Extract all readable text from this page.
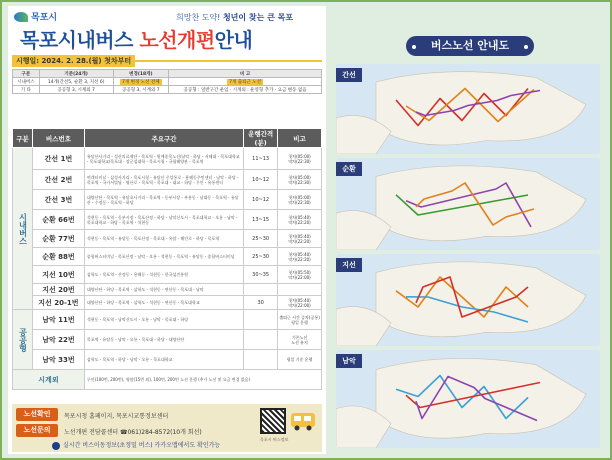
목포시	희망찬 도약! 청년이 찾는 큰 목포
목포시내버스 노선개편안내
시행일: 2024. 2. 28.(월) 첫차부터
구분	기준(24개)	변경(18개)	비 고
시내버스	14개(간선5, 순환 3, 지선 6)	7개 변경 노선 전체	7개 출퇴근 노선
기 타	공공형 3, 시계외 7	공공형 3, 시계외 7	공공형 : 일반구간 운임 · 시계외 : 운영형 추가 · 요금 변동 없음
구분	버스번호	주요구간	운행간격(분)	비고
시내버스	간선 1번	유달산사거리 - 성산의료재단 - 목포역 - 원예종목노선/남악 - 하당 - 서해대 - 목포대학교 - 목포대학교/목포대 - 장군섬대학 - 목포시청 - 국립해양관 - 목포역	11~13	첫차(05:00)
막차(22:30)
	간선 2번	여객터미널 - 삼성사거리 - 목포시청 - 유달산 중앙통로 - 용해동주민센터 - 남악 - 하당 - 목포역 - 국가서빌딩 - 영산로 - 목포역 - 목포대 - 대교 - 하당 - 무안 - 유통센터	10~12	첫차(05:00)
막차(22:30)
	간선 3번	대양산단 - 목포역 - 유달초사거리 - 목포역 - 동부시장 - 부흥동 - 남대동 - 목포역 - 유달산 - 수정동 - 목포역 - 하당	10~12	첫차(05:00)
막차(22:30)
	순환 66번	석현동 - 목포역 - 동부시장 - 목포산정 - 하당 - 남악신도시 - 목포대학교 - 오룡 - 남악 - 목포대학교 - 하당 - 목포역 - 석현동	13~15	첫차(05:40)
막차(22:20)
	순환 77번	석현동 - 목포역 - 유달동 - 목포산정 - 목포대 - 옥암 - 해안로 - 하당 - 목포역	25~30	첫차(05:40)
막차(22:20)
	순환 88번	종합버스터미널 - 목포산정 - 남악 - 오룡 - 석현동 - 목포역 - 유달동 - 종합버스터미널	25~30	첫차(05:40)
막차(22:20)
	지선 10번	삼학도 - 목포역 - 산정동 - 용해동 - 석현동 - 한국섬진흥원	30~35	첫차(05:50)
막차(22:00)
	지선 20번	대양산단 - 하당 - 목포역 - 삼학도 - 석현동 - 연산동 - 목포대 - 남악		
	지선 20-1번	대양산단 - 하당 - 목포역 - 삼학도 - 석현동 - 연산동 - 목포대학교	30	첫차(05:40)
막차(22:00)
공공형	남악 11번	석현동 - 목포역 - 남악신도시 - 오룡 - 남악 - 목포대 - 하당		출퇴근 시간 증차(공통)
평일 운행
	남악 22번	목포역 - 유달동 - 남악 - 오룡 - 목포대 - 하당 - 대양산단		기존노선
노선 유지
	남악 33번	삼학도 - 목포역 - 하당 - 남악 - 오룡 - 목포대학교		평일 기준 운행
시계외		무안(100번, 200번), 영암(15번 외), 100번, 200번 노선 운행 (추가 노선 및 요금 변경 없음)		
노선확인	목포시청 홈페이지, 목포시교통정보센터
노선문의	노선개편 전담콜센터 ☎061)284-8572(10개 회선)
실시간 버스이동정보(초정밀 버스) 카카오맵에서도 확인가능
목포시 버스정보
버스노선 안내도
간선
순환
지선
남악
